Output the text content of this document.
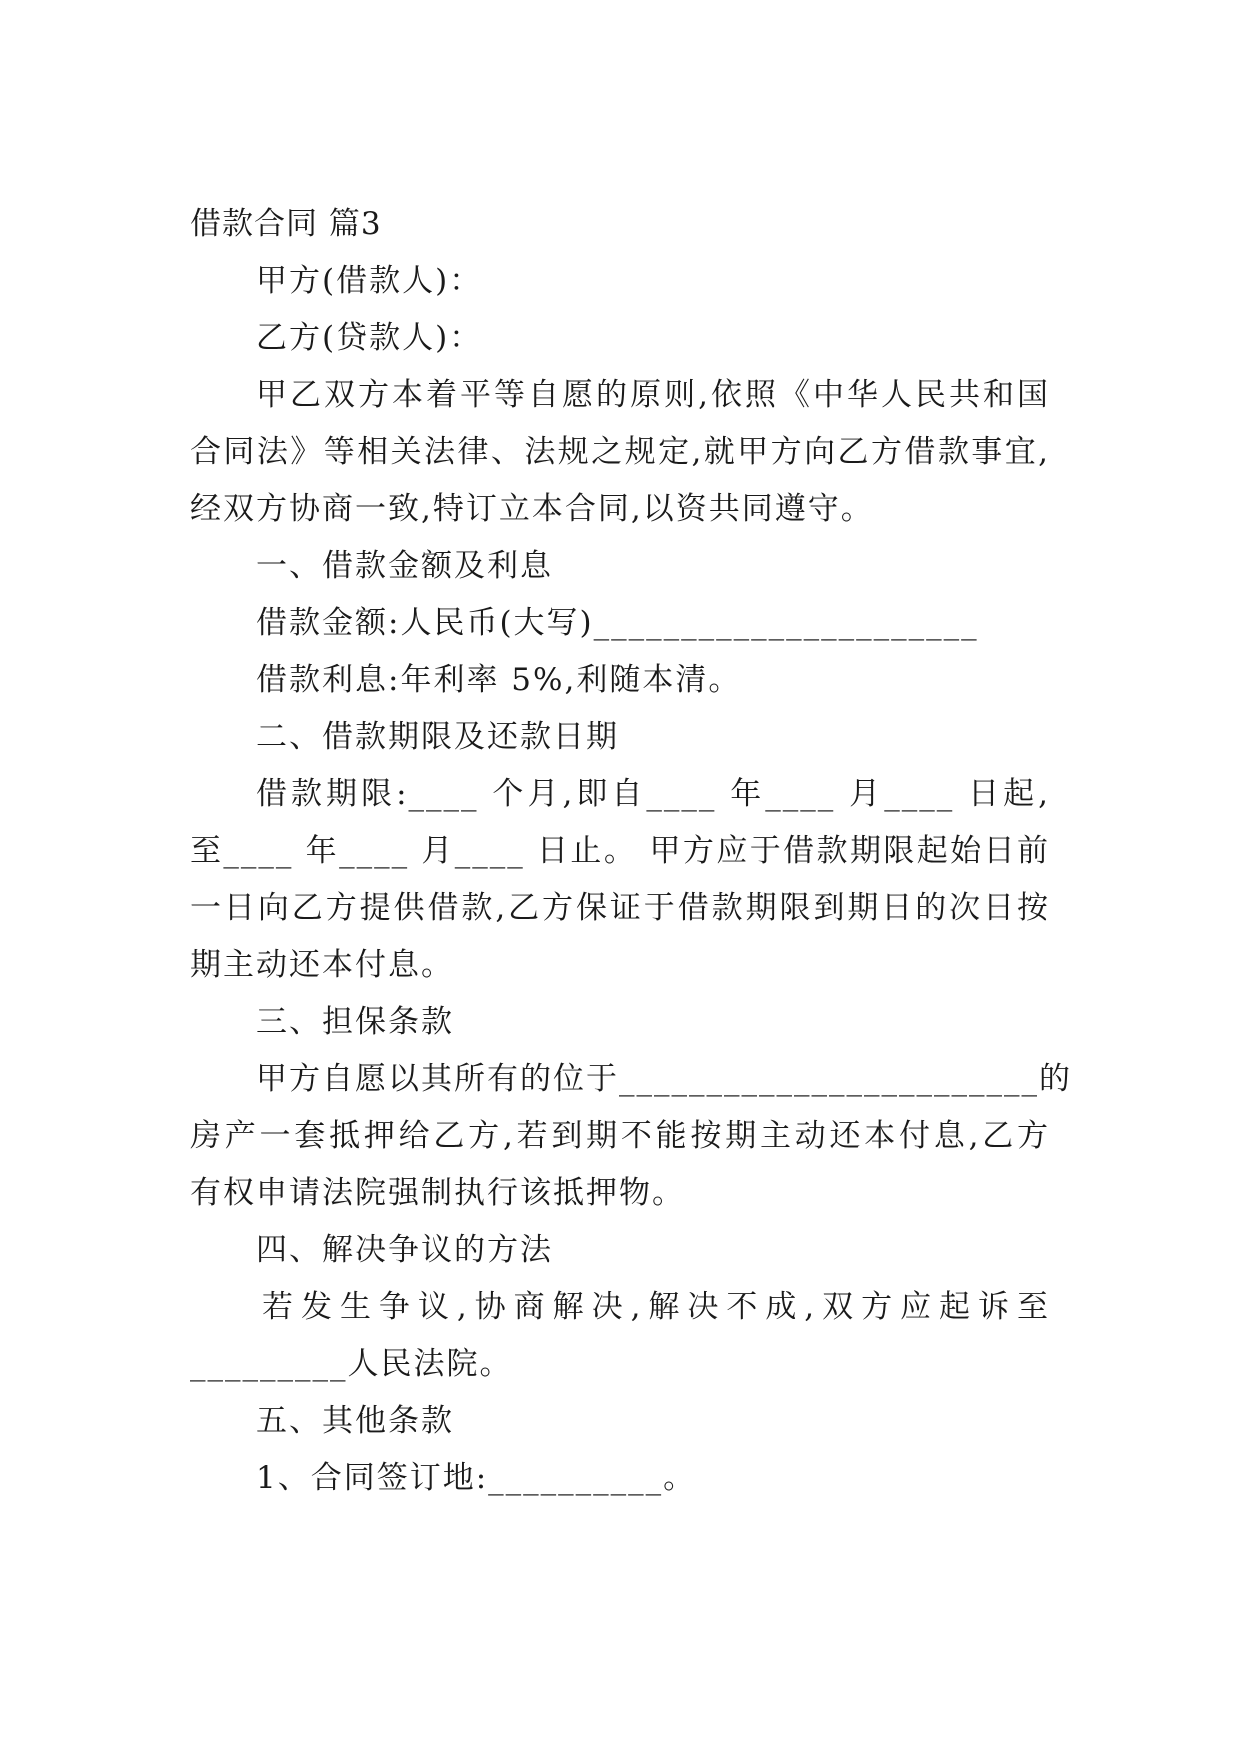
借款合同 篇3
甲方(借款人)：
乙方(贷款人)：
甲乙双方本着平等自愿的原则,依照《中华人民共和国
合同法》等相关法律、法规之规定,就甲方向乙方借款事宜,
经双方协商一致,特订立本合同,以资共同遵守。
一、借款金额及利息
借款金额:人民币(大写)______________________
借款利息:年利率 5%,利随本清。
二、借款期限及还款日期
借款期限:____ 个月,即自____ 年____ 月____ 日起,
至____ 年____ 月____ 日止。 甲方应于借款期限起始日前
一日向乙方提供借款,乙方保证于借款期限到期日的次日按
期主动还本付息。
三、担保条款
甲方自愿以其所有的位于________________________的
房产一套抵押给乙方,若到期不能按期主动还本付息,乙方
有权申请法院强制执行该抵押物。
四、解决争议的方法
若发生争议,协商解决,解决不成,双方应起诉至
_________人民法院。
五、其他条款
1、合同签订地:__________。
